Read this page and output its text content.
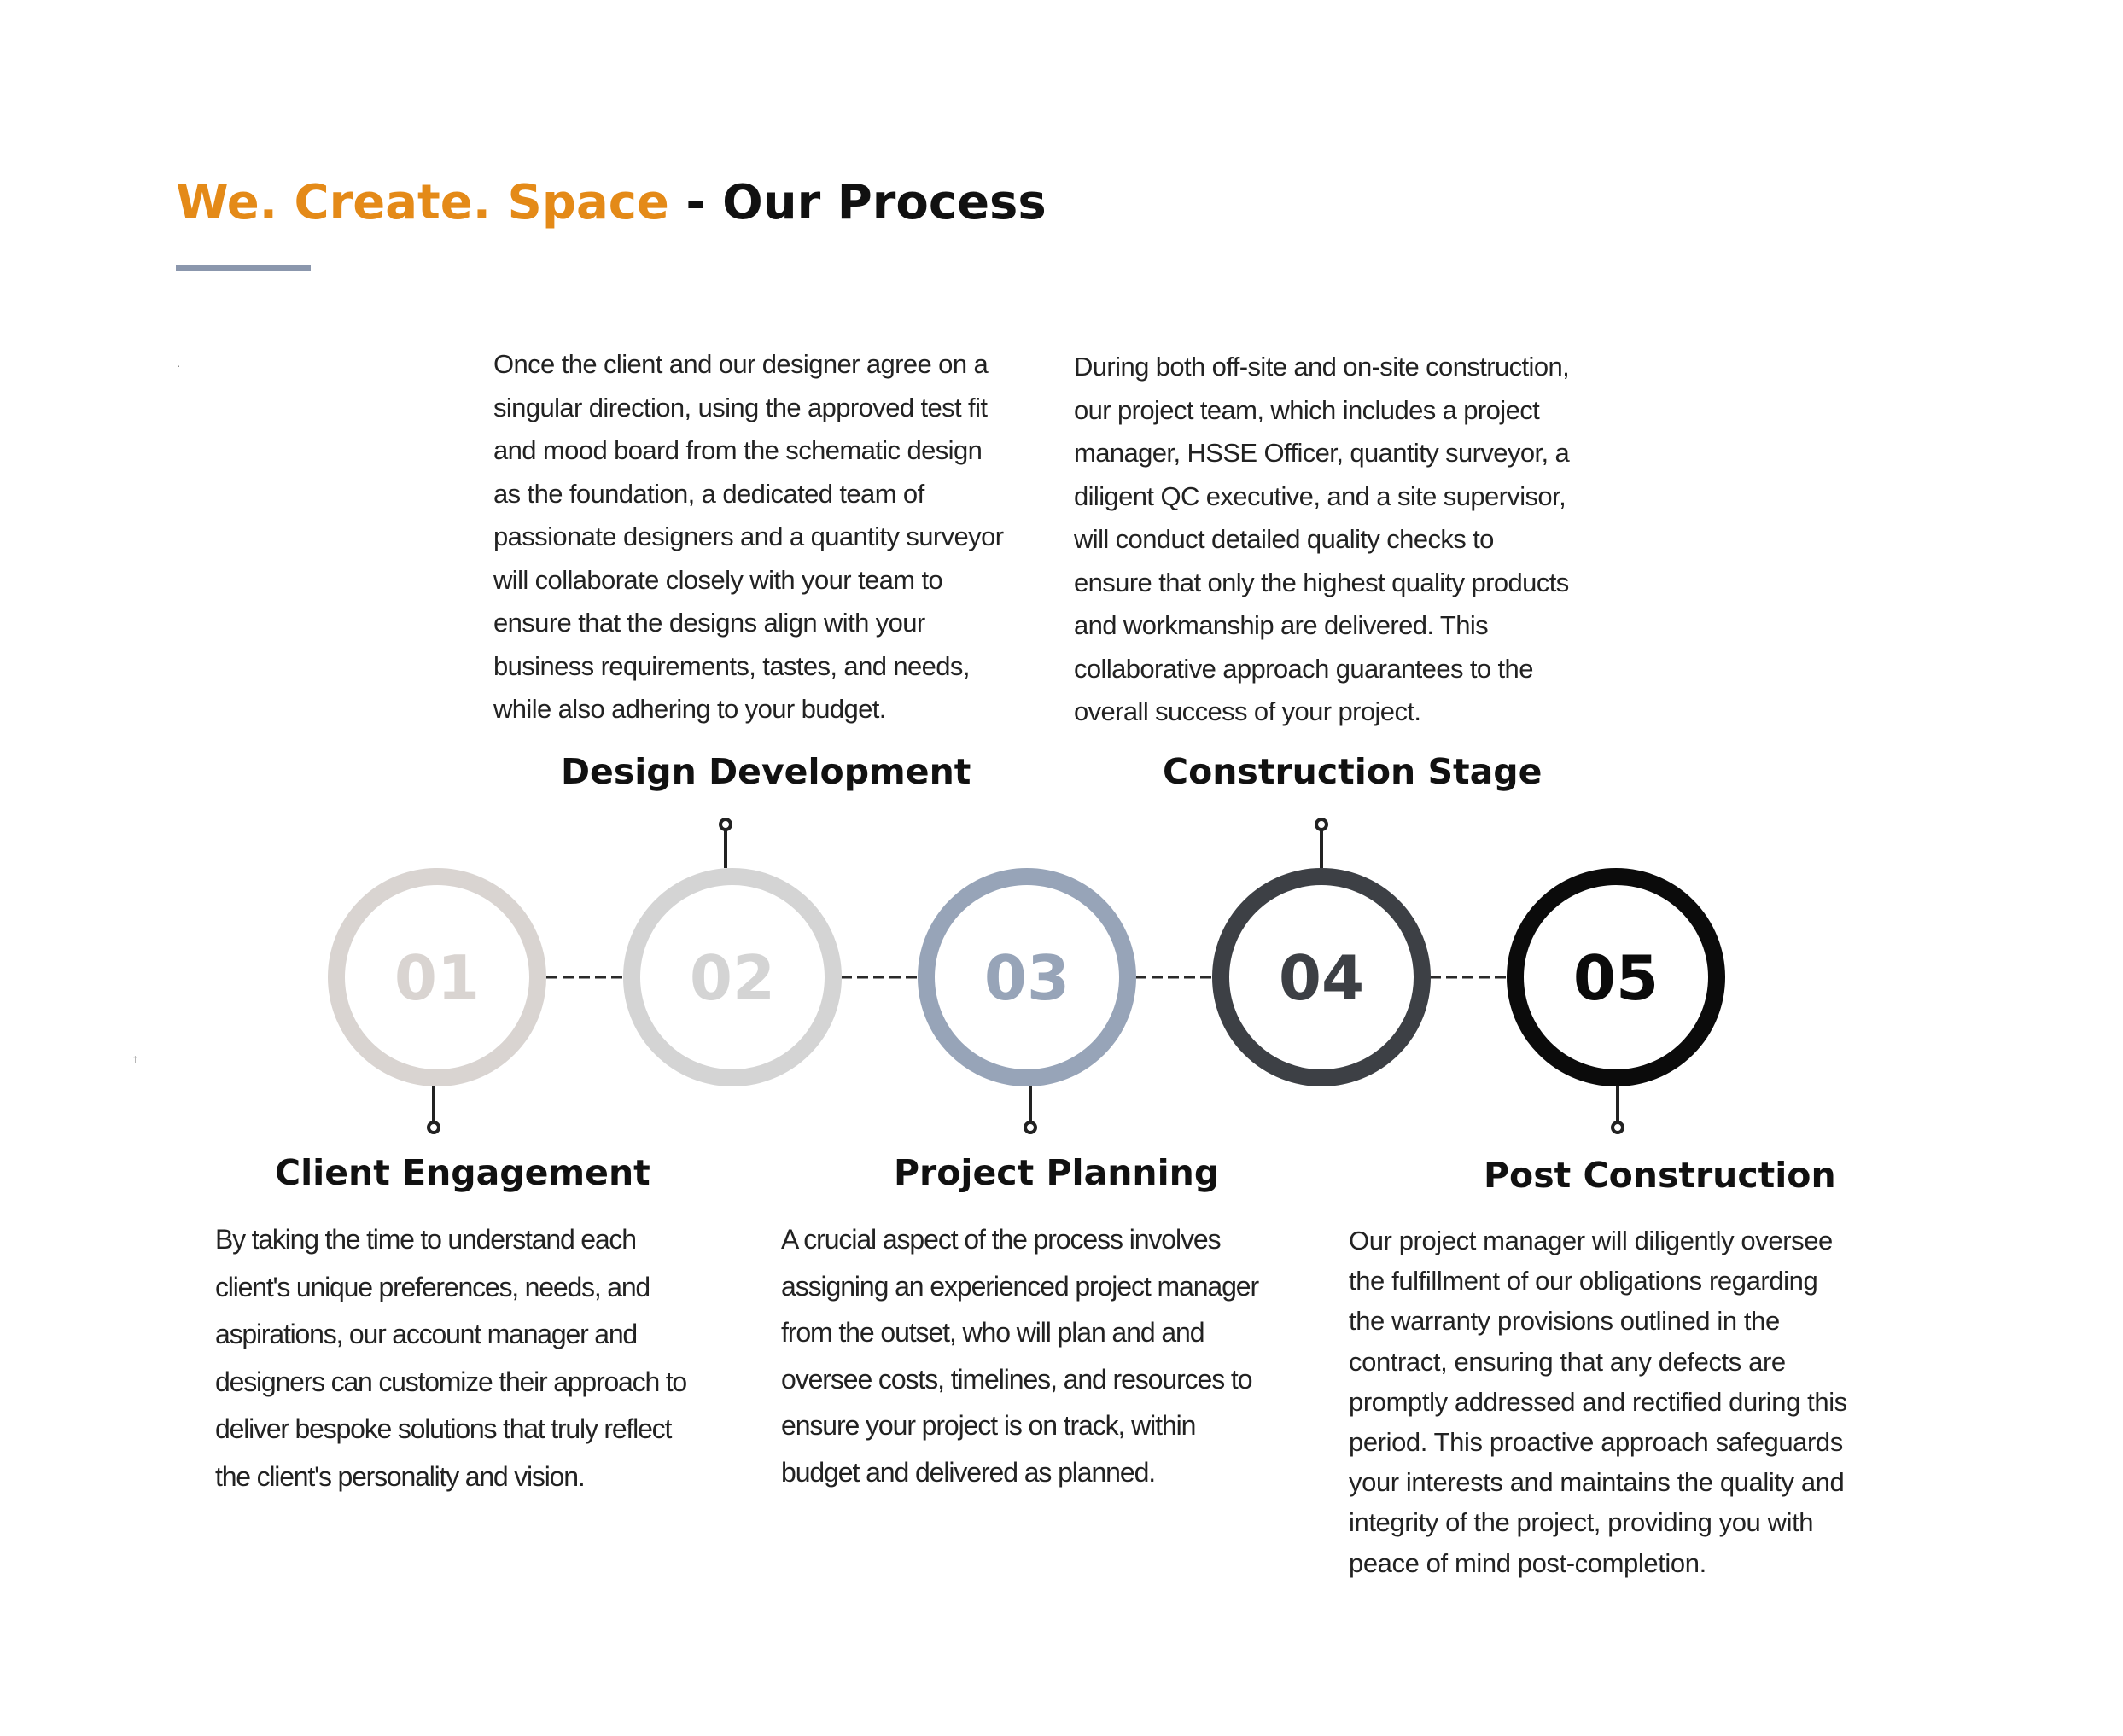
We. Create. Space - Our Process
·
↑
01	02	03	04	05
Design Development	Construction Stage
Client Engagement	Project Planning	Post Construction

Once the client and our designer agree on a
singular direction, using the approved test fit
and mood board from the schematic design
as the foundation, a dedicated team of
passionate designers and a quantity surveyor
will collaborate closely with your team to
ensure that the designs align with your
business requirements, tastes, and needs,
while also adhering to your budget.

During both off-site and on-site construction,
our project team, which includes a project
manager, HSSE Officer, quantity surveyor, a
diligent QC executive, and a site supervisor,
will conduct detailed quality checks to
ensure that only the highest quality products
and workmanship are delivered. This
collaborative approach guarantees to the
overall success of your project.

By taking the time to understand each
client's unique preferences, needs, and
aspirations, our account manager and
designers can customize their approach to
deliver bespoke solutions that truly reflect
the client's personality and vision.

A crucial aspect of the process involves
assigning an experienced project manager
from the outset, who will plan and and
oversee costs, timelines, and resources to
ensure your project is on track, within
budget and delivered as planned.

Our project manager will diligently oversee
the fulfillment of our obligations regarding
the warranty provisions outlined in the
contract, ensuring that any defects are
promptly addressed and rectified during this
period. This proactive approach safeguards
your interests and maintains the quality and
integrity of the project, providing you with
peace of mind post-completion.
